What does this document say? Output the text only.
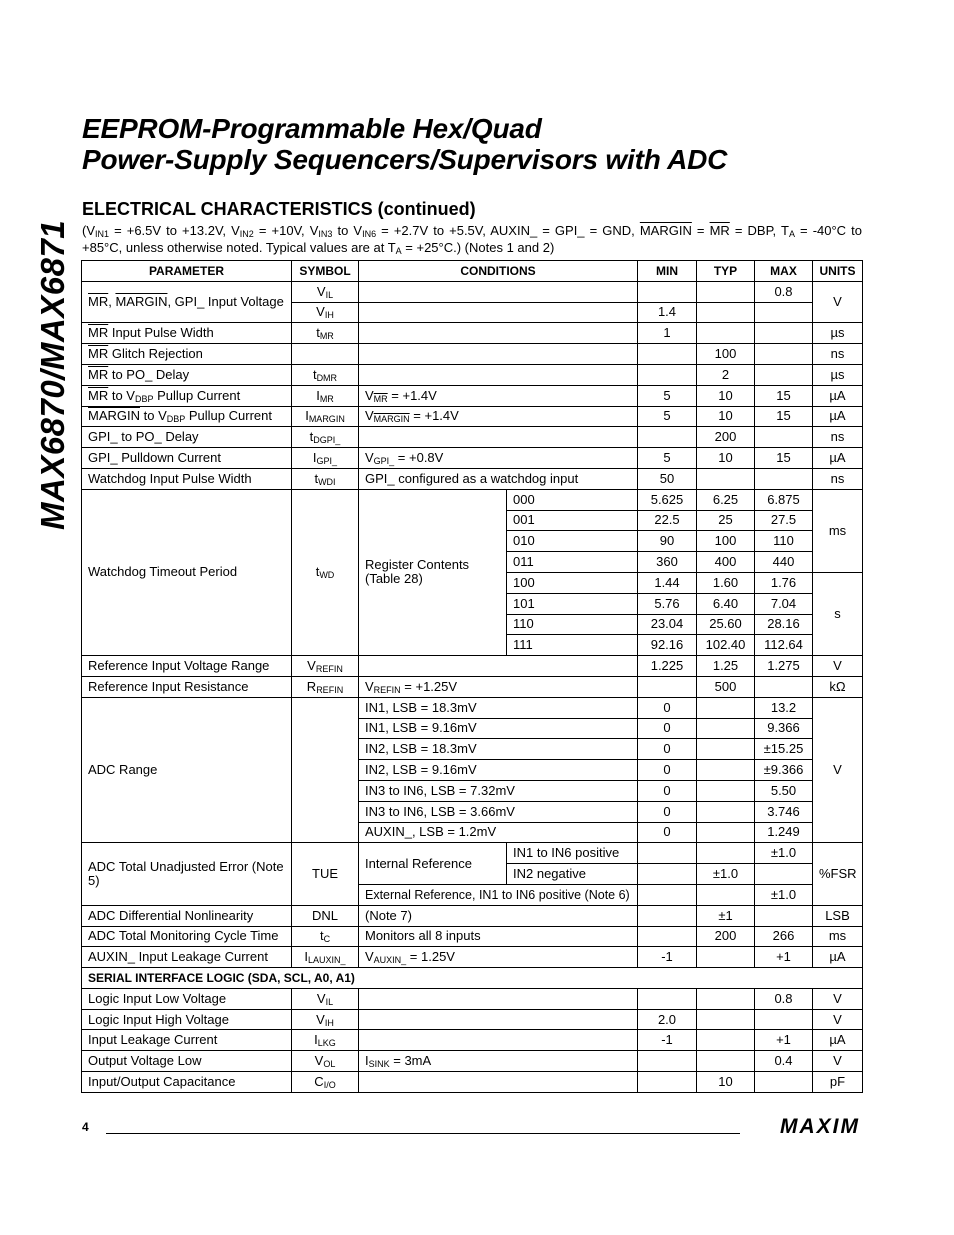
MAX6870/MAX6871
EEPROM-Programmable Hex/Quad
Power-Supply Sequencers/Supervisors with ADC
ELECTRICAL CHARACTERISTICS (continued)
($V_{IN1} = +6.5V$ to +13.2V, $V_{IN2} = +10V$, $V_{IN3}$ to $V_{IN6} = +2.7V$ to +5.5V, AUXIN_ = GPI_ = GND, MARGIN = $\overline{MR}$ = DBP, $T_A = -40^\circ C$ to +85°C, unless otherwise noted. Typical values are at $T_A = +25^\circ C$.) (Notes 1 and 2)
PARAMETER	SYMBOL	CONDITIONS		MIN	TYP	MAX	UNITS
$\overline{MR}$, MARGIN, GPI_ Input Voltage	$V_{IL}$					0.8	V
	$V_{IH}$			1.4			
$\overline{MR}$ Input Pulse Width	$t_{MR}$			1			µs
$\overline{MR}$ Glitch Rejection					100		ns
$\overline{MR}$ to PO_ Delay	$t_{DMR}$				2		µs
$\overline{MR}$ to $V_{DBP}$ Pullup Current	$I_{MR}$	$V_{\overline{MR}} = +1.4V$		5	10	15	µA
MARGIN to $V_{DBP}$ Pullup Current	$I_{MARGIN}$	$V_{MARGIN} = +1.4V$		5	10	15	µA
GPI_ to PO_ Delay	$t_{DGPI\_}$				200		ns
GPI_ Pulldown Current	$I_{GPI\_}$	$V_{GPI\_} = +0.8V$		5	10	15	µA
Watchdog Input Pulse Width	$t_{WDI}$	GPI_ configured as a watchdog input		50			ns
Watchdog Timeout Period	$t_{WD}$	Register Contents (Table 28)	000	5.625	6.25	6.875	ms
			001	22.5	25	27.5	
			010	90	100	110	
			011	360	400	440	
			100	1.44	1.60	1.76	s
			101	5.76	6.40	7.04	
			110	23.04	25.60	28.16	
			111	92.16	102.40	112.64	
Reference Input Voltage Range	$V_{REFIN}$			1.225	1.25	1.275	V
Reference Input Resistance	$R_{REFIN}$	$V_{REFIN} = +1.25V$			500		kΩ
ADC Range		IN1, LSB = 18.3mV		0		13.2	V
		IN1, LSB = 9.16mV		0		9.366	
		IN2, LSB = 18.3mV		0		±15.25	
		IN2, LSB = 9.16mV		0		±9.366	
		IN3 to IN6, LSB = 7.32mV		0		5.50	
		IN3 to IN6, LSB = 3.66mV		0		3.746	
		AUXIN_, LSB = 1.2mV		0		1.249	
ADC Total Unadjusted Error (Note 5)	TUE	Internal Reference	IN1 to IN6 positive			±1.0	%FSR
			IN2 negative		±1.0		
		External Reference, IN1 to IN6 positive (Note 6)				±1.0	
ADC Differential Nonlinearity	DNL	(Note 7)			±1		LSB
ADC Total Monitoring Cycle Time	$t_C$	Monitors all 8 inputs			200	266	ms
AUXIN_ Input Leakage Current	$I_{LAUXIN\_}$	$V_{AUXIN\_} = 1.25V$		-1		+1	µA
SERIAL INTERFACE LOGIC (SDA, SCL, A0, A1)							
Logic Input Low Voltage	$V_{IL}$					0.8	V
Logic Input High Voltage	$V_{IH}$			2.0			V
Input Leakage Current	$I_{LKG}$			-1		+1	µA
Output Voltage Low	$V_{OL}$	$I_{SINK} = 3mA$				0.4	V
Input/Output Capacitance	$C_{I/O}$				10		pF
4	MAXIM
